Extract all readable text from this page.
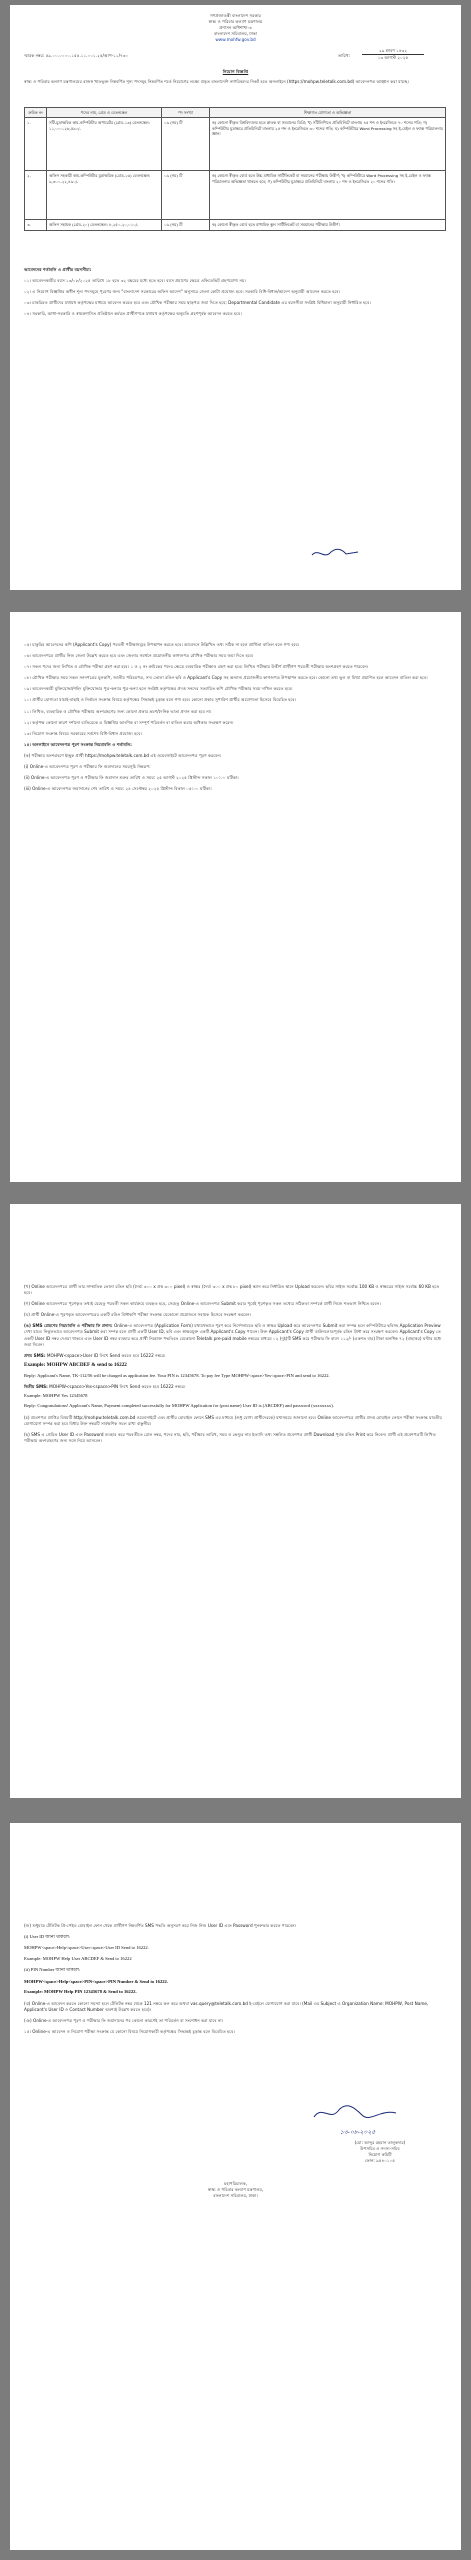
গণপ্রজাতন্ত্রী বাংলাদেশ সরকার

স্বাস্থ্য ও পরিবার কল্যাণ মন্ত্রণালয়

প্রশাসন অধিশাখা-৩

বাংলাদেশ সচিবালয়, ঢাকা

www.mohfw.gov.bd

স্মারক নম্বর: ৫৯.০০.০০০০.১৫৫.১১.০০১.২৫/আপ-১১/৭৩০	তারিখ:

২৯ শ্রাবণ ১৪৩২

১৩ আগস্ট ২০২৫

নিয়োগ বিজ্ঞপ্তি

স্বাস্থ্য ও পরিবার কল্যাণ মন্ত্রণালয়ের রাজস্ব খাতভুক্ত নিম্নবর্ণিত শূন্য পদসমূহ নিম্নবর্ণিত শর্তে নিয়োগের লক্ষ্যে প্রকৃত বাংলাদেশি নাগরিকদের নিকট হতে অনলাইনে (https://mohpw.teletalk.com.bd) আবেদনপত্র আহ্বান করা যাচ্ছে।

ক্রমিক নং	পদের নাম, গ্রেড ও বেতনস্কেল	পদ সংখ্যা	শিক্ষাগত যোগ্যতা ও অভিজ্ঞতা
১.	সাঁট-মুদ্রাক্ষরিক কাম-কম্পিউটার অপারেটর (গ্রেড-১৩) বেতনস্কেল: ১১,০০০-২৬,৫৯০/-	০৯ (নয়) টি	ক) কোনো স্বীকৃত বিশ্ববিদ্যালয় হতে স্নাতক বা সমমানের ডিগ্রি; খ) সাঁটলিপিতে প্রতিমিনিটে বাংলায় ৪৫ শব্দ ও ইংরেজিতে ৭০ শব্দের গতি; গ) কম্পিউটার মুদ্রাক্ষরে প্রতিমিনিটে বাংলায় ২৫ শব্দ ও ইংরেজিতে ৩০ শব্দের গতি; ঘ) কম্পিউটারে Word Processing সহ ই-মেইল ও ফ্যাক্স পরিচালনার জ্ঞান।
২.	অফিস সহকারী কাম-কম্পিউটার মুদ্রাক্ষরিক (গ্রেড-১৬) বেতনস্কেল: ৯,৩০০-২২,৪৯০/-	০৯ (নয়) টি	ক) কোনো স্বীকৃত বোর্ড হতে উচ্চ মাধ্যমিক সার্টিফিকেট বা সমমানের পরীক্ষায় উত্তীর্ণ; খ) কম্পিউটারে Word Processing সহ ই-মেইল ও ফ্যাক্স পরিচালনার অভিজ্ঞতা থাকতে হবে; গ) কম্পিউটার মুদ্রাক্ষরে প্রতিমিনিটে বাংলায় ২০ শব্দ ও ইংরেজিতে ২০ শব্দের গতি।
৩.	অফিস সহায়ক (গ্রেড-২০) বেতনস্কেল: ৮,২৫০-২০,০১০/-	০৯ (নয়) টি	ক) কোনো স্বীকৃত বোর্ড হতে মাধ্যমিক স্কুল সার্টিফিকেট বা সমমানের পরীক্ষায় উত্তীর্ণ।

আবেদনের শর্তাবলি ও প্রার্থীর বয়সসীমা:

০১। আবেদনকারীর বয়স ১৩/০৮/২০২৫ তারিখে ১৮ হতে ৩২ বছরের মধ্যে হতে হবে। বয়স প্রমাণের ক্ষেত্রে এফিডেভিট গ্রহণযোগ্য নয়।

০২। এ নিয়োগ বিজ্ঞপ্তির অধীন শূন্য পদসমূহে পূরণের জন্য "বাংলাদেশ সরকারের অফিস আদেশ" অনুসারে জেলা কোটা প্রযোজ্য হবে। সরকারি বিধি-বিধান/আদেশ অনুযায়ী আবেদন করতে হবে।

০৩। চাকরিরত প্রার্থীদের যথাযথ কর্তৃপক্ষের মাধ্যমে আবেদন করতে হবে এবং মৌখিক পরীক্ষার সময় ছাড়পত্র জমা দিতে হবে; Departmental Candidate এর বয়সসীমা সংশ্লিষ্ট বিধিমালা অনুযায়ী নির্ধারিত হবে।

০৪। সরকারি, আধা-সরকারি ও স্বায়ত্তশাসিত প্রতিষ্ঠানে কর্মরত প্রার্থীগণকে যথাযথ কর্তৃপক্ষের অনুমতি গ্রহণপূর্বক আবেদন করতে হবে।

০৫। চাকুরির আবেদনের কপি (Applicant's Copy) পরবর্তী পরীক্ষাসমূহে উপস্থাপন করতে হবে। আবেদনে উল্লিখিত তথ্য সঠিক না হলে প্রার্থিতা বাতিল বলে গণ্য হবে।

০৬। আবেদনপত্রে প্রার্থীর নিজ জেলা উল্লেখ করতে হবে এবং জেলার সমর্থনে প্রয়োজনীয় কাগজপত্র মৌখিক পরীক্ষার সময় জমা দিতে হবে।

০৭। সকল পদের জন্য লিখিত ও মৌখিক পরীক্ষা গ্রহণ করা হবে। ১ ও ২ নং ক্রমিকের পদের ক্ষেত্রে ব্যবহারিক পরীক্ষাও গ্রহণ করা হবে। লিখিত পরীক্ষায় উত্তীর্ণ প্রার্থীগণ পরবর্তী পরীক্ষায় অংশগ্রহণ করতে পারবেন।

০৮। মৌখিক পরীক্ষার সময় সকল সনদপত্রের মূলকপি, জাতীয় পরিচয়পত্র, সদ্য তোলা রঙিন ছবি ও Applicant's Copy সহ অন্যান্য প্রয়োজনীয় কাগজপত্র উপস্থাপন করতে হবে। কোনো তথ্য ভুল বা মিথ্যা প্রমাণিত হলে আবেদন বাতিল করা হবে।

০৯। আবেদনকারী মুক্তিযোদ্ধা/শহিদ মুক্তিযোদ্ধার পুত্র-কন্যার পুত্র-কন্যা হলে সংশ্লিষ্ট কর্তৃপক্ষের প্রদত্ত সনদের সত্যায়িত কপি মৌখিক পরীক্ষার সময় দাখিল করতে হবে।

১০। প্রার্থীর যোগ্যতা যাচাই-বাছাই ও নির্বাচন সংক্রান্ত বিষয়ে কর্তৃপক্ষের সিদ্ধান্তই চূড়ান্ত বলে গণ্য হবে। কোনো প্রকার সুপারিশ প্রার্থীর অযোগ্যতা হিসেবে বিবেচিত হবে।

১১। লিখিত, ব্যবহারিক ও মৌখিক পরীক্ষায় অংশগ্রহণের জন্য কোনো প্রকার ভ্রমণ/দৈনিক ভাতা প্রদান করা হবে না।

১২। কর্তৃপক্ষ কোনো কারণ দর্শানো ব্যতিরেকে এ বিজ্ঞপ্তির আংশিক বা সম্পূর্ণ পরিবর্তন বা বাতিল করার অধিকার সংরক্ষণ করেন।

১৩। নিয়োগ সংক্রান্ত বিষয়ে সরকারের সর্বশেষ বিধি-বিধান প্রযোজ্য হবে।

১৪। অনলাইনে আবেদনপত্র পূরণ সংক্রান্ত নিয়মাবলি ও শর্তাবলি:

(ক) পরীক্ষায় অংশগ্রহণে ইচ্ছুক প্রার্থী https://mohpw.teletalk.com.bd এই ওয়েবসাইটে আবেদনপত্র পূরণ করবেন।

(i) Online-এ আবেদনপত্র পূরণ ও পরীক্ষার ফি জমাদানের সময়সূচি নিম্নরূপ:

(ii) Online-এ আবেদনপত্র পূরণ ও পরীক্ষার ফি জমাদান শুরুর তারিখ ও সময়: ২৫ আগস্ট ২০২৫ খ্রিস্টাব্দ সকাল ১০:০০ ঘটিকা।

(iii) Online-এ আবেদনপত্র জমাদানের শেষ তারিখ ও সময়: ২৪ সেপ্টেম্বর ২০২৫ খ্রিস্টাব্দ বিকাল ০৫:০০ ঘটিকা।

(খ) Online আবেদনপত্রে প্রার্থী তার সাম্প্রতিক তোলা রঙিন ছবি (দৈর্ঘ্য ৩০০ x প্রস্থ ৩০০ pixel) ও স্বাক্ষর (দৈর্ঘ্য ৩০০ x প্রস্থ ৮০ pixel) স্ক্যান করে নির্ধারিত স্থানে Upload করবেন। ছবির সাইজ সর্বোচ্চ 100 KB ও স্বাক্ষরের সাইজ সর্বোচ্চ 60 KB হতে হবে।

(গ) Online আবেদনপত্রে পূরণকৃত তথ্যই যেহেতু পরবর্তী সকল কার্যক্রমে ব্যবহৃত হবে, সেহেতু Online-এ আবেদনপত্র Submit করার পূর্বেই পূরণকৃত সকল তথ্যের সঠিকতা সম্পর্কে প্রার্থী নিজে শতভাগ নিশ্চিত হবেন।

(ঘ) প্রার্থী Online-এ পূরণকৃত আবেদনপত্রের একটি রঙিন প্রিন্টকপি পরীক্ষা সংক্রান্ত যেকোনো প্রয়োজনে সহায়ক হিসেবে সংরক্ষণ করবেন।

(ঙ) SMS প্রেরণের নিয়মাবলি ও পরীক্ষার ফি প্রদান: Online-এ আবেদনপত্র (Application Form) যথাযথভাবে পূরণ করে নির্দেশনামতে ছবি ও স্বাক্ষর Upload করে আবেদনপত্র Submit করা সম্পন্ন হলে কম্পিউটারে ছবিসহ Application Preview দেখা যাবে। নির্ভুলভাবে আবেদনপত্র Submit করা সম্পন্ন হলে প্রার্থী একটি User ID, ছবি এবং স্বাক্ষরযুক্ত একটি Applicant's Copy পাবেন। উক্ত Applicant's Copy প্রার্থী ডাউনলোডপূর্বক রঙিন প্রিন্ট করে সংরক্ষণ করবেন। Applicant's Copy তে একটি User ID নম্বর দেওয়া থাকবে এবং User ID নম্বর ব্যবহার করে প্রার্থী নিম্নোক্ত পদ্ধতিতে যেকোনো Teletalk pre-paid mobile নম্বরের মাধ্যমে ০২ (দুই)টি SMS করে পরীক্ষার ফি বাবদ ১১২/- (একশত বার) টাকা অনধিক ৭২ (বাহাত্তর) ঘণ্টার মধ্যে জমা দিবেন।

প্রথম SMS: MOHPW<space>User ID লিখে Send করতে হবে 16222 নম্বরে।

Example: MOHPW ABCDEF & send to 16222

Reply: Applicant's Name, TK-112/56 will be charged as application fee. Your PIN is 12345678. To pay fee Type MOHPW<space>Yes<space>PIN and send to 16222.

দ্বিতীয় SMS: MOHPW<space>Yes<space>PIN লিখে Send করতে হবে 16222 নম্বরে।

Example: MOHPW Yes 12345678

Reply: Congratulations! Applicant's Name, Payment completed successfully for MOHPW Application for (post name) User ID is (ABCDEF) and password (xxxxxxxx).

(চ) প্রবেশপত্র প্রাপ্তির বিষয়টি http://mohpw.teletalk.com.bd ওয়েবসাইটে এবং প্রার্থীর মোবাইল ফোনে SMS এর মাধ্যমে (শুধু যোগ্য প্রার্থীদেরকে) যথাসময়ে জানানো হবে। Online আবেদনপত্রে প্রার্থীর প্রদত্ত মোবাইল ফোনে পরীক্ষা সংক্রান্ত যাবতীয় যোগাযোগ সম্পন্ন করা হবে বিধায় উক্ত নম্বরটি সার্বক্ষণিক সচল রাখা বাঞ্ছনীয়।

(ছ) SMS এ প্রেরিত User ID এবং Password ব্যবহার করে পরবর্তীতে রোল নম্বর, পদের নাম, ছবি, পরীক্ষার তারিখ, সময় ও ভেন্যুর নাম ইত্যাদি তথ্য সম্বলিত প্রবেশপত্র প্রার্থী Download পূর্বক রঙিন Print করে নিবেন। প্রার্থী এই প্রবেশপত্রটি লিখিত পরীক্ষায় অংশগ্রহণের জন্য সঙ্গে নিয়ে আসবেন।

(জ) শুধুমাত্র টেলিটক প্রি-পেইড মোবাইল ফোন থেকে প্রার্থীগণ নিম্নবর্ণিত SMS পদ্ধতি অনুসরণ করে নিজ নিজ User ID এবং Password পুনরুদ্ধার করতে পারবেন।

(i) User ID জানা থাকলে:

MOHPW<space>Help<space>User<space>User ID Send to 16222.

Example: MOHPW Help User ABCDEF & Send to 16222

(ii) PIN Number জানা থাকলে:

MOHPW<space>Help<space>PIN<space>PIN Number & Send to 16222.

Example: MOHPW Help PIN 12345678 & Send to 16222.

(ঝ) Online-এ আবেদন করতে কোনো সমস্যা হলে টেলিটক নম্বর থেকে 121 নম্বরে কল করে অথবা vas.query@teletalk.com.bd ই-মেইলে যোগাযোগ করা যাবে। (Mail এর Subject এ Organization Name: MOHPW, Post Name, Applicant's User ID ও Contact Number অবশ্যই উল্লেখ করতে হবে)।

(ঞ) Online-এ আবেদনপত্র পূরণ ও পরীক্ষার ফি জমাদানের পর কোনো কারণেই তা পরিবর্তন বা সংশোধন করা যাবে না।

১৫। Online-এ আবেদন ও নিয়োগ পরীক্ষা সংক্রান্ত যে কোনো বিষয়ে নিয়োগকারী কর্তৃপক্ষের সিদ্ধান্তই চূড়ান্ত বলে বিবেচিত হবে।

১৩-০৮-২০২৫

(মো: আব্দুর রহমান তালুকদার)

উপসচিব ও সদস্য-সচিব

নিয়োগ কমিটি

ফোন: ৯৫৪০১০৫

মহাপরিচালক,

স্বাস্থ্য ও পরিবার কল্যাণ মন্ত্রণালয়,

বাংলাদেশ সচিবালয়, ঢাকা।
